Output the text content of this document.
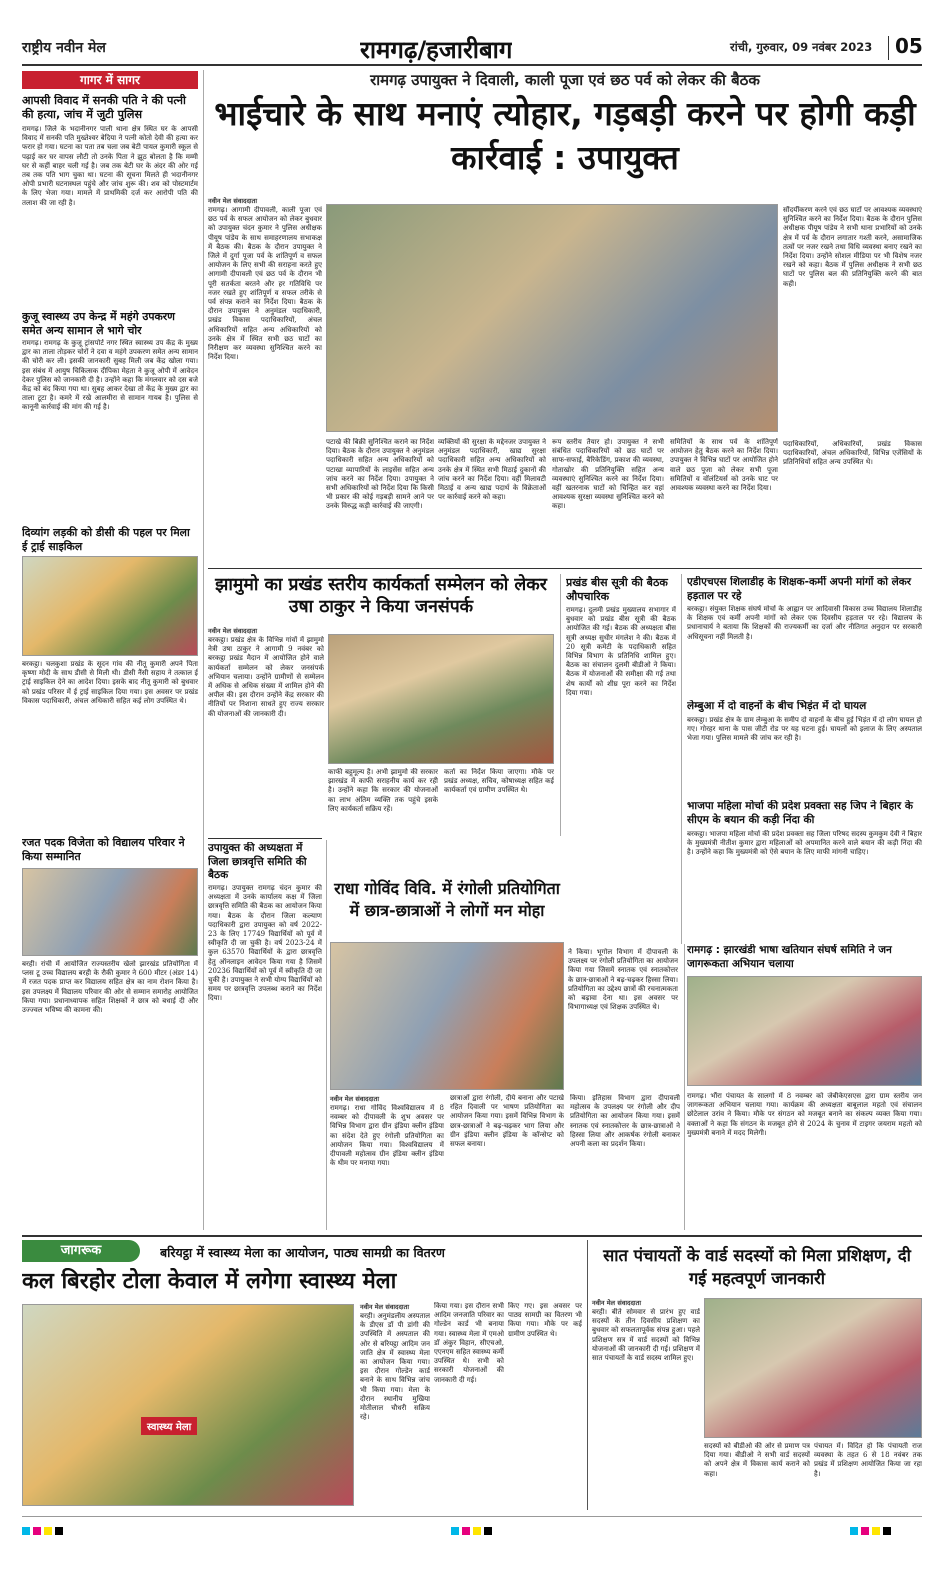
राष्ट्रीय नवीन मेल	रामगढ़/हजारीबाग	रांची, गुरुवार, 09 नवंबर 2023 05
गागर में सागर
आपसी विवाद में सनकी पति ने की पत्नी की हत्या, जांच में जुटी पुलिस
रामगढ़। जिले के भदानीनगर पाली थाना क्षेत्र स्थित घर के आपसी विवाद में सनकी पति मुख्तेश्वर बेदिया ने पत्नी कोतो देवी की हत्या कर फरार हो गया। घटना का पता तब चला जब बेटी पायल कुमारी स्कूल से पढ़ाई कर घर वापस लौटी तो उनके पिता ने झूठ बोलता है कि मम्मी घर से कहीं बाहर चली गई है। जब तक बेटी घर के अंदर की ओर गई तब तक पति भाग चुका था। घटना की सूचना मिलते ही भदानीनगर ओपी प्रभारी घटनास्थल पहुंचे और जांच शुरू की। शव को पोस्टमार्टम के लिए भेजा गया। मामले में प्राथमिकी दर्ज कर आरोपी पति की तलाश की जा रही है।
कुजू स्वास्थ्य उप केन्द्र में महंगे उपकरण समेत अन्य सामान ले भागे चोर
रामगढ़। रामगढ़ के कुजू ट्रांसपोर्ट नगर स्थित स्वास्थ्य उप केंद्र के मुख्य द्वार का ताला तोड़कर चोरों ने दवा व महंगे उपकरण समेत अन्य सामान की चोरी कर ली। इसकी जानकारी सुबह मिली जब केंद्र खोला गया। इस संबंध में आयुष चिकित्सक दीपिका मेहता ने कुजू ओपी में आवेदन देकर पुलिस को जानकारी दी है। उन्होंने कहा कि मंगलवार को दस बजे केंद्र को बंद किया गया था। सुबह आकर देखा तो केंद्र के मुख्य द्वार का ताला टूटा है। कमरे में रखे आलमीरा से सामान गायब है। पुलिस से कानूनी कार्रवाई की मांग की गई है।
दिव्यांग लड़की को डीसी की पहल पर मिला ई ट्राई साइकिल
बरकट्ठा। चलकुशा प्रखंड के सूदन गांव की नीतू कुमारी अपने पिता कृष्णा मोदी के साथ डीसी से मिली थी। डीसी नैंसी सहाय ने तत्काल ई ट्राई साइकिल देने का आदेश दिया। इसके बाद नीतू कुमारी को बुधवार को प्रखंड परिसर में ई ट्राई साइकिल दिया गया। इस अवसर पर प्रखंड विकास पदाधिकारी, अंचल अधिकारी सहित कई लोग उपस्थित थे।
रजत पदक विजेता को विद्यालय परिवार ने किया सम्मानित
बरही। रांची में आयोजित राज्यस्तरीय खेलो झारखंड प्रतियोगिता में प्लस टू उच्च विद्यालय बरही के रौकी कुमार ने 600 मीटर (अंडर 14) में रजत पदक प्राप्त कर विद्यालय सहित क्षेत्र का नाम रोशन किया है। इस उपलक्ष्य में विद्यालय परिवार की ओर से सम्मान समारोह आयोजित किया गया। प्रधानाध्यापक सहित शिक्षकों ने छात्र को बधाई दी और उज्ज्वल भविष्य की कामना की।
रामगढ़ उपायुक्त ने दिवाली, काली पूजा एवं छठ पर्व को लेकर की बैठक
भाईचारे के साथ मनाएं त्योहार, गड़बड़ी करने पर होगी कड़ी कार्रवाई : उपायुक्त
नवीन मेल संवाददाता
रामगढ़। आगामी दीपावली, काली पूजा एवं छठ पर्व के सफल आयोजन को लेकर बुधवार को उपायुक्त चंदन कुमार ने पुलिस अधीक्षक पीयूष पांडेय के साथ समाहरणालय सभाकक्ष में बैठक की। बैठक के दौरान उपायुक्त ने जिले में दुर्गा पूजा पर्व के शांतिपूर्ण व सफल आयोजन के लिए सभी की सराहना करते हुए आगामी दीपावली एवं छठ पर्व के दौरान भी पूरी सतर्कता बरतने और हर गतिविधि पर नजर रखते हुए शांतिपूर्ण व सफल तरीके से पर्व संपन्न कराने का निर्देश दिया। बैठक के दौरान उपायुक्त ने अनुमंडल पदाधिकारी, प्रखंड विकास पदाधिकारियों, अंचल अधिकारियों सहित अन्य अधिकारियों को उनके क्षेत्र में स्थित सभी छठ घाटों का निरीक्षण कर व्यवस्था सुनिश्चित करने का निर्देश दिया।
पटाखे की बिक्री सुनिश्चित कराने का निर्देश दिया। बैठक के दौरान उपायुक्त ने अनुमंडल पदाधिकारी सहित अन्य अधिकारियों को पटाखा व्यापारियों के लाइसेंस सहित अन्य जांच करने का निर्देश दिया। उपायुक्त ने सभी अधिकारियों को निर्देश दिया कि किसी भी प्रकार की कोई गड़बड़ी सामने आने पर उनके विरुद्ध कड़ी कार्रवाई की जाएगी।
व्यक्तियों की सुरक्षा के मद्देनजर उपायुक्त ने अनुमंडल पदाधिकारी, खाद्य सुरक्षा पदाधिकारी सहित अन्य अधिकारियों को उनके क्षेत्र में स्थित सभी मिठाई दुकानों की जांच करने का निर्देश दिया। वहीं मिलावटी मिठाई व अन्य खाद्य पदार्थ के विक्रेताओं पर कार्रवाई करने को कहा।
रूप स्तरीय तैयार हो। उपायुक्त ने सभी संबंधित पदाधिकारियों को छठ घाटों पर साफ-सफाई, बैरिकेडिंग, प्रकाश की व्यवस्था, गोताखोर की प्रतिनियुक्ति सहित अन्य व्यवस्थाएं सुनिश्चित करने का निर्देश दिया। वहीं खतरनाक घाटों को चिन्हित कर वहां आवश्यक सुरक्षा व्यवस्था सुनिश्चित करने को कहा।
सौंदर्यीकरण करने एवं छठ घाटों पर आवश्यक व्यवस्थाएं सुनिश्चित करने का निर्देश दिया। बैठक के दौरान पुलिस अधीक्षक पीयूष पांडेय ने सभी थाना प्रभारियों को उनके क्षेत्र में पर्व के दौरान लगातार गश्ती करने, असामाजिक तत्वों पर नजर रखने तथा विधि व्यवस्था बनाए रखने का निर्देश दिया। उन्होंने सोशल मीडिया पर भी विशेष नजर रखने को कहा। बैठक में पुलिस अधीक्षक ने सभी छठ घाटों पर पुलिस बल की प्रतिनियुक्ति करने की बात कही।
समितियों के साथ पर्व के शांतिपूर्ण आयोजन हेतु बैठक करने का निर्देश दिया। उपायुक्त ने विभिन्न घाटों पर आयोजित होने वाले छठ पूजा को लेकर सभी पूजा समितियों व वॉलंटियर्स को उनके घाट पर आवश्यक व्यवस्था करने का निर्देश दिया।
पदाधिकारियों, अधिकारियों, प्रखंड विकास पदाधिकारियों, अंचल अधिकारियों, विभिन्न एजेंसियों के प्रतिनिधियों सहित अन्य उपस्थित थे।
झामुमो का प्रखंड स्तरीय कार्यकर्ता सम्मेलन को लेकर उषा ठाकुर ने किया जनसंपर्क
नवीन मेल संवाददाता
बरकट्ठा। प्रखंड क्षेत्र के विभिन्न गांवों में झामुमो नेत्री उषा ठाकुर ने आगामी 9 नवंबर को बरकट्ठा प्रखंड मैदान में आयोजित होने वाले कार्यकर्ता सम्मेलन को लेकर जनसंपर्क अभियान चलाया। उन्होंने ग्रामीणों से सम्मेलन में अधिक से अधिक संख्या में शामिल होने की अपील की। इस दौरान उन्होंने केंद्र सरकार की नीतियों पर निशाना साधते हुए राज्य सरकार की योजनाओं की जानकारी दी।
काफी बहुमूल्य है। अभी झामुमो की सरकार झारखंड में काफी सराहनीय कार्य कर रही है। उन्होंने कहा कि सरकार की योजनाओं का लाभ अंतिम व्यक्ति तक पहुंचे इसके लिए कार्यकर्ता सक्रिय रहें।
कर्ता का निर्देश किया जाएगा। मौके पर प्रखंड अध्यक्ष, सचिव, कोषाध्यक्ष सहित कई कार्यकर्ता एवं ग्रामीण उपस्थित थे।
प्रखंड बीस सूत्री की बैठक औपचारिक
रामगढ़। दुलमी प्रखंड मुख्यालय सभागार में बुधवार को प्रखंड बीस सूत्री की बैठक आयोजित की गई। बैठक की अध्यक्षता बीस सूत्री अध्यक्ष सुधीर मंगलेश ने की। बैठक में 20 सूत्री कमेटी के पदाधिकारी सहित विभिन्न विभाग के प्रतिनिधि शामिल हुए। बैठक का संचालन दुलमी बीडीओ ने किया। बैठक में योजनाओं की समीक्षा की गई तथा शेष कार्यों को शीघ्र पूरा करने का निर्देश दिया गया।
एडीएचएस शिलाडीह के शिक्षक-कर्मी अपनी मांगों को लेकर हड़ताल पर रहे
बरकट्ठा। संयुक्त शिक्षक संघर्ष मोर्चा के आह्वान पर आदिवासी विकास उच्च विद्यालय शिलाडीह के शिक्षक एवं कर्मी अपनी मांगों को लेकर एक दिवसीय हड़ताल पर रहे। विद्यालय के प्रधानाचार्य ने बताया कि शिक्षकों की राज्यकर्मी का दर्जा और नीतिगत अनुदान पर सरकारी अधिसूचना नहीं मिलती है।
लेम्बुआ में दो वाहनों के बीच भिड़ंत में दो घायल
बरकट्ठा। प्रखंड क्षेत्र के ग्राम लेम्बुआ के समीप दो वाहनों के बीच हुई भिड़ंत में दो लोग घायल हो गए। गोरहर थाना के पास जीटी रोड पर यह घटना हुई। घायलों को इलाज के लिए अस्पताल भेजा गया। पुलिस मामले की जांच कर रही है।
भाजपा महिला मोर्चा की प्रदेश प्रवक्ता सह जिप ने बिहार के सीएम के बयान की कड़ी निंदा की
बरकट्ठा। भाजपा महिला मोर्चा की प्रदेश प्रवक्ता सह जिला परिषद सदस्य कुमकुम देवी ने बिहार के मुख्यमंत्री नीतीश कुमार द्वारा महिलाओं को अपमानित करने वाले बयान की कड़ी निंदा की है। उन्होंने कहा कि मुख्यमंत्री को ऐसे बयान के लिए माफी मांगनी चाहिए।
रामगढ़ : झारखंडी भाषा खतियान संघर्ष समिति ने जन जागरूकता अभियान चलाया
रामगढ़। भौंरा पंचायत के सालगो में 8 नवम्बर को जेबीकेएसएस द्वारा ग्राम स्तरीय जन जागरूकता अभियान चलाया गया। कार्यक्रम की अध्यक्षता बाबूलाल महतो एवं संचालन छोटेलाल उरांव ने किया। मौके पर संगठन को मजबूत बनाने का संकल्प व्यक्त किया गया। वक्ताओं ने कहा कि संगठन के मजबूत होने से 2024 के चुनाव में टाइगर जयराम महतो को मुख्यमंत्री बनाने में मदद मिलेगी।
उपायुक्त की अध्यक्षता में जिला छात्रवृत्ति समिति की बैठक
रामगढ़। उपायुक्त रामगढ़ चंदन कुमार की अध्यक्षता में उनके कार्यालय कक्ष में जिला छात्रवृत्ति समिति की बैठक का आयोजन किया गया। बैठक के दौरान जिला कल्याण पदाधिकारी द्वारा उपायुक्त को वर्ष 2022-23 के लिए 17749 विद्यार्थियों को पूर्व में स्वीकृति दी जा चुकी है। वर्ष 2023-24 में कुल 63570 विद्यार्थियों के द्वारा छात्रवृत्ति हेतु ऑनलाइन आवेदन किया गया है जिसमें 20236 विद्यार्थियों को पूर्व में स्वीकृति दी जा चुकी है। उपायुक्त ने सभी योग्य विद्यार्थियों को समय पर छात्रवृत्ति उपलब्ध कराने का निर्देश दिया।
राधा गोविंद विवि. में रंगोली प्रतियोगिता में छात्र-छात्राओं ने लोगों मन मोहा
नवीन मेल संवाददाता
रामगढ़। राधा गोविंद विश्वविद्यालय में 8 नवम्बर को दीपावली के शुभ अवसर पर विभिन्न विभाग द्वारा ग्रीन इंडिया क्लीन इंडिया का संदेश देते हुए रंगोली प्रतियोगिता का आयोजन किया गया। विश्वविद्यालय में दीपावली महोत्सव ग्रीन इंडिया क्लीन इंडिया के थीम पर मनाया गया।
छात्राओं द्वारा रंगोली, दीये बनाना और पटाखे रहित दिवाली पर भाषण प्रतियोगिता का आयोजन किया गया। इसमें विभिन्न विभाग के छात्र-छात्राओं ने बढ़-चढ़कर भाग लिया और ग्रीन इंडिया क्लीन इंडिया के कॉन्सेप्ट को सफल बनाया।
ने किया। भूगोल विभाग में दीपावली के उपलक्ष्य पर रंगोली प्रतियोगिता का आयोजन किया गया जिसमें स्नातक एवं स्नातकोत्तर के छात्र-छात्राओं ने बढ़-चढ़कर हिस्सा लिया। प्रतियोगिता का उद्देश्य छात्रों की रचनात्मकता को बढ़ावा देना था। इस अवसर पर विभागाध्यक्ष एवं शिक्षक उपस्थित थे।
किया। इतिहास विभाग द्वारा दीपावली महोत्सव के उपलक्ष्य पर रंगोली और दीप प्रतियोगिता का आयोजन किया गया। इसमें स्नातक एवं स्नातकोत्तर के छात्र-छात्राओं ने हिस्सा लिया और आकर्षक रंगोली बनाकर अपनी कला का प्रदर्शन किया।
जागरूक	बरियट्ठा में स्वास्थ्य मेला का आयोजन, पाठ्य सामग्री का वितरण
कल बिरहोर टोला केवाल में लगेगा स्वास्थ्य मेला
स्वास्थ्य मेला
नवीन मेल संवाददाता
बरही। अनुमंडलीय अस्पताल के डीएस डॉ पी डांगी की उपस्थिति में अस्पताल की ओर से बरियट्ठा आदिम जन जाति क्षेत्र में स्वास्थ्य मेला का आयोजन किया गया। इस दौरान गोल्डेन कार्ड बनाने के साथ विभिन्न जांच भी किया गया। मेला के दौरान स्थानीय मुखिया मोतीलाल चौधरी सक्रिय रहे।
किया गया। इस दौरान सभी आदिम जनजाति परिवार का गोल्डेन कार्ड भी बनाया गया। स्वास्थ्य मेला में एमओ डॉ अंकुर विहान, सीएचओ, एएनएम सहित स्वास्थ्य कर्मी उपस्थित थे। सभी को सरकारी योजनाओं की जानकारी दी गई।
किए गए। इस अवसर पर पाठ्य सामग्री का वितरण भी किया गया। मौके पर कई ग्रामीण उपस्थित थे।
सात पंचायतों के वार्ड सदस्यों को मिला प्रशिक्षण, दी गई महत्वपूर्ण जानकारी
नवीन मेल संवाददाता
बरही। बीते सोमवार से प्रारंभ हुए वार्ड सदस्यों के तीन दिवसीय प्रशिक्षण का बुधवार को सफलतापूर्वक संपन्न हुआ। पहले प्रशिक्षण सत्र में वार्ड सदस्यों को विभिन्न योजनाओं की जानकारी दी गई। प्रशिक्षण में सात पंचायतों के वार्ड सदस्य शामिल हुए।
सदस्यों को बीडीओ की ओर से प्रमाण पत्र दिया गया। बीडीओ ने सभी वार्ड सदस्यों को अपने क्षेत्र में विकास कार्य कराने को कहा।
पंचायत में। विदित हो कि पंचायती राज व्यवस्था के तहत 6 से 18 नवंबर तक प्रखंड में प्रशिक्षण आयोजित किया जा रहा है।
